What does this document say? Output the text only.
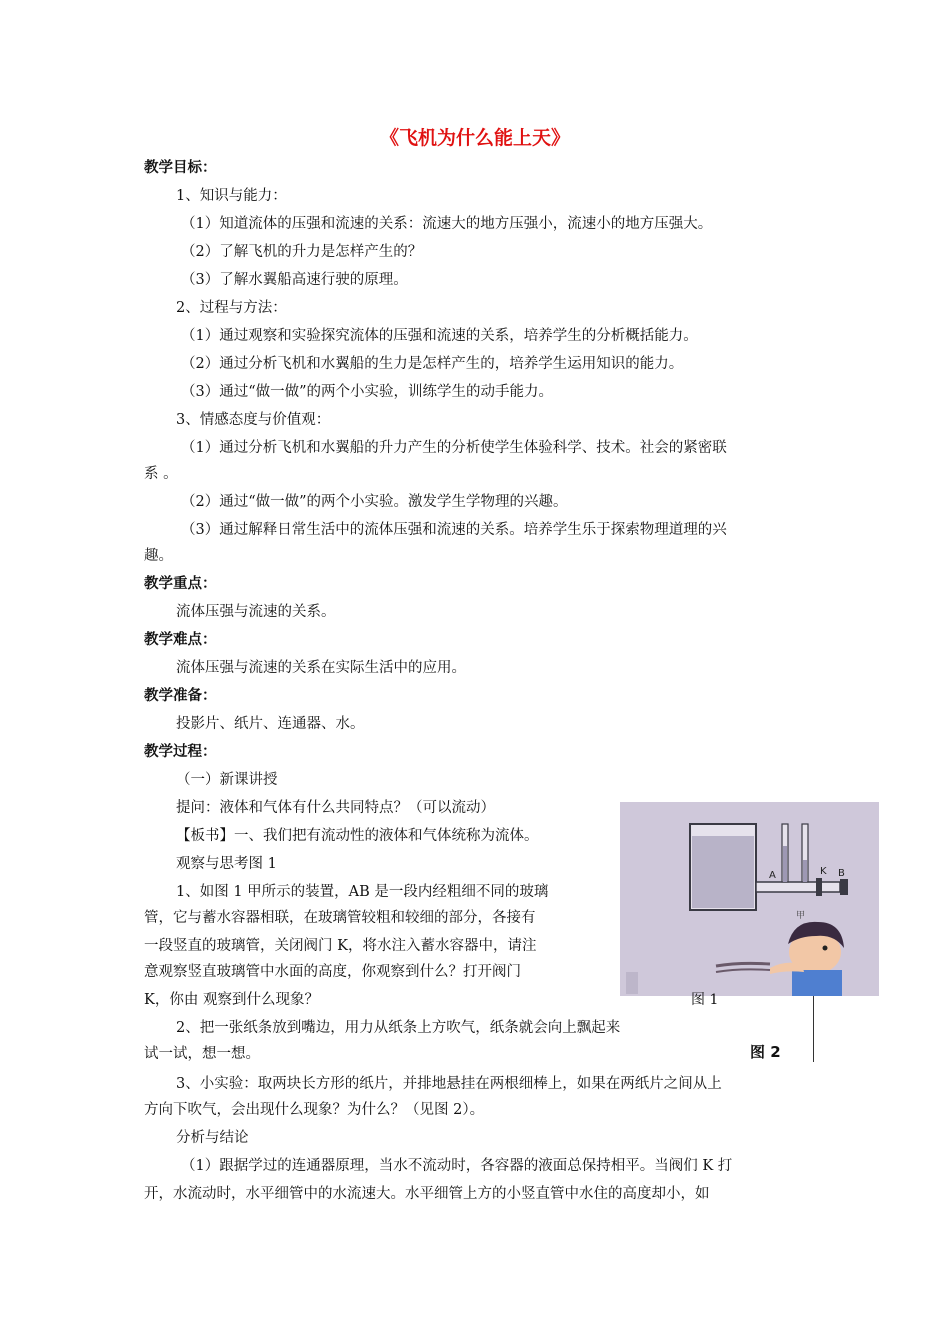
《飞机为什么能上天》
教学目标：
1、知识与能力：
（1）知道流体的压强和流速的关系：流速大的地方压强小，流速小的地方压强大。
（2）了解飞机的升力是怎样产生的？
（3）了解水翼船高速行驶的原理。
2、过程与方法：
（1）通过观察和实验探究流体的压强和流速的关系，培养学生的分析概括能力。
（2）通过分析飞机和水翼船的生力是怎样产生的，培养学生运用知识的能力。
（3）通过“做一做”的两个小实验，训练学生的动手能力。
3、情感态度与价值观：
（1）通过分析飞机和水翼船的升力产生的分析使学生体验科学、技术。社会的紧密联
系 。
（2）通过“做一做”的两个小实验。激发学生学物理的兴趣。
（3）通过解释日常生活中的流体压强和流速的关系。培养学生乐于探索物理道理的兴
趣。
教学重点：
流体压强与流速的关系。
教学难点：
流体压强与流速的关系在实际生活中的应用。
教学准备：
投影片、纸片、连通器、水。
教学过程：
（一）新课讲授
提问：液体和气体有什么共同特点？（可以流动）
【板书】一、我们把有流动性的液体和气体统称为流体。
观察与思考图 1
1、如图 1 甲所示的装置，AB 是一段内经粗细不同的玻璃
管，它与蓄水容器相联，在玻璃管较粗和较细的部分，各接有
一段竖直的玻璃管，关闭阀门 K，将水注入蓄水容器中，请注
意观察竖直玻璃管中水面的高度，你观察到什么？打开阀门
K，你由 观察到什么现象？
2、把一张纸条放到嘴边，用力从纸条上方吹气，纸条就会向上飘起来
试一试，想一想。
3、小实验：取两块长方形的纸片，并排地悬挂在两根细棒上，如果在两纸片之间从上
方向下吹气，会出现什么现象？为什么？（见图 2）。
分析与结论
（1）跟据学过的连通器原理，当水不流动时，各容器的液面总保持相平。当阀们 K 打
开，水流动时，水平细管中的水流速大。水平细管上方的小竖直管中水住的高度却小，如
A	K B
甲
图 1
图 2
